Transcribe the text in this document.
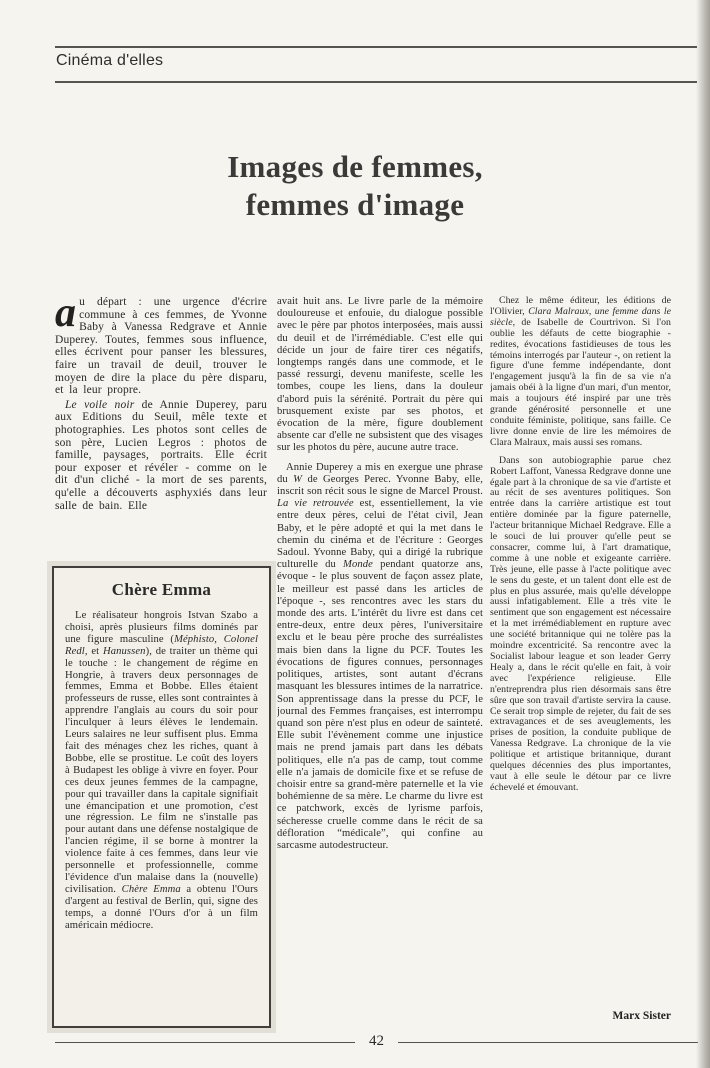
Cinéma d'elles
Images de femmes,
femmes d'image

au départ : une urgence d'écrire commune à ces femmes, de Yvonne Baby à Vanessa Redgrave et Annie Duperey. Toutes, femmes sous influence, elles écrivent pour panser les blessures, faire un travail de deuil, trouver le moyen de dire la place du père disparu, et la leur propre.

Le voile noir de Annie Duperey, paru aux Editions du Seuil, mêle texte et photographies. Les photos sont celles de son père, Lucien Legros : photos de famille, paysages, portraits. Elle écrit pour exposer et révéler - comme on le dit d'un cliché - la mort de ses parents, qu'elle a découverts asphyxiés dans leur salle de bain. Elle

Chère Emma

Le réalisateur hongrois Istvan Szabo a choisi, après plusieurs films dominés par une figure masculine (Méphisto, Colonel Redl, et Hanussen), de traiter un thème qui le touche : le changement de régime en Hongrie, à travers deux personnages de femmes, Emma et Bobbe. Elles étaient professeurs de russe, elles sont contraintes à apprendre l'anglais au cours du soir pour l'inculquer à leurs élèves le lendemain. Leurs salaires ne leur suffisent plus. Emma fait des ménages chez les riches, quant à Bobbe, elle se prostitue. Le coût des loyers à Budapest les oblige à vivre en foyer. Pour ces deux jeunes femmes de la campagne, pour qui travailler dans la capitale signifiait une émancipation et une promotion, c'est une régression. Le film ne s'installe pas pour autant dans une défense nostalgique de l'ancien régime, il se borne à montrer la violence faite à ces femmes, dans leur vie personnelle et professionnelle, comme l'évidence d'un malaise dans la (nouvelle) civilisation. Chère Emma a obtenu l'Ours d'argent au festival de Berlin, qui, signe des temps, a donné l'Ours d'or à un film américain médiocre.

avait huit ans. Le livre parle de la mémoire douloureuse et enfouie, du dialogue possible avec le père par photos interposées, mais aussi du deuil et de l'irrémédiable. C'est elle qui décide un jour de faire tirer ces négatifs, longtemps rangés dans une commode, et le passé ressurgi, devenu manifeste, scelle les tombes, coupe les liens, dans la douleur d'abord puis la sérénité. Portrait du père qui brusquement existe par ses photos, et évocation de la mère, figure doublement absente car d'elle ne subsistent que des visages sur les photos du père, aucune autre trace.

Annie Duperey a mis en exergue une phrase du W de Georges Perec. Yvonne Baby, elle, inscrit son récit sous le signe de Marcel Proust. La vie retrouvée est, essentiellement, la vie entre deux pères, celui de l'état civil, Jean Baby, et le père adopté et qui la met dans le chemin du cinéma et de l'écriture : Georges Sadoul. Yvonne Baby, qui a dirigé la rubrique culturelle du Monde pendant quatorze ans, évoque - le plus souvent de façon assez plate, le meilleur est passé dans les articles de l'époque -, ses rencontres avec les stars du monde des arts. L'intérêt du livre est dans cet entre-deux, entre deux pères, l'universitaire exclu et le beau père proche des surréalistes mais bien dans la ligne du PCF. Toutes les évocations de figures connues, personnages politiques, artistes, sont autant d'écrans masquant les blessures intimes de la narratrice. Son apprentissage dans la presse du PCF, le journal des Femmes françaises, est interrompu quand son père n'est plus en odeur de sainteté. Elle subit l'évènement comme une injustice mais ne prend jamais part dans les débats politiques, elle n'a pas de camp, tout comme elle n'a jamais de domicile fixe et se refuse de choisir entre sa grand-mère paternelle et la vie bohémienne de sa mère. Le charme du livre est ce patchwork, excès de lyrisme parfois, sécheresse cruelle comme dans le récit de sa défloration “médicale”, qui confine au sarcasme autodestructeur.

Chez le même éditeur, les éditions de l'Olivier, Clara Malraux, une femme dans le siècle, de Isabelle de Courtrivon. Si l'on oublie les défauts de cette biographie - redites, évocations fastidieuses de tous les témoins interrogés par l'auteur -, on retient la figure d'une femme indépendante, dont l'engagement jusqu'à la fin de sa vie n'a jamais obéi à la ligne d'un mari, d'un mentor, mais a toujours été inspiré par une très grande générosité personnelle et une conduite féministe, politique, sans faille. Ce livre donne envie de lire les mémoires de Clara Malraux, mais aussi ses romans.

Dans son autobiographie parue chez Robert Laffont, Vanessa Redgrave donne une égale part à la chronique de sa vie d'artiste et au récit de ses aventures politiques. Son entrée dans la carrière artistique est tout entière dominée par la figure paternelle, l'acteur britannique Michael Redgrave. Elle a le souci de lui prouver qu'elle peut se consacrer, comme lui, à l'art dramatique, comme à une noble et exigeante carrière. Très jeune, elle passe à l'acte politique avec le sens du geste, et un talent dont elle est de plus en plus assurée, mais qu'elle développe aussi infatigablement. Elle a très vite le sentiment que son engagement est nécessaire et la met irrémédiablement en rupture avec une société britannique qui ne tolère pas la moindre excentricité. Sa rencontre avec la Socialist labour league et son leader Gerry Healy a, dans le récit qu'elle en fait, à voir avec l'expérience religieuse. Elle n'entreprendra plus rien désormais sans être sûre que son travail d'artiste servira la cause. Ce serait trop simple de rejeter, du fait de ses extravagances et de ses aveuglements, les prises de position, la conduite publique de Vanessa Redgrave. La chronique de la vie politique et artistique britannique, durant quelques décennies des plus importantes, vaut à elle seule le détour par ce livre échevelé et émouvant.

Marx Sister
42
